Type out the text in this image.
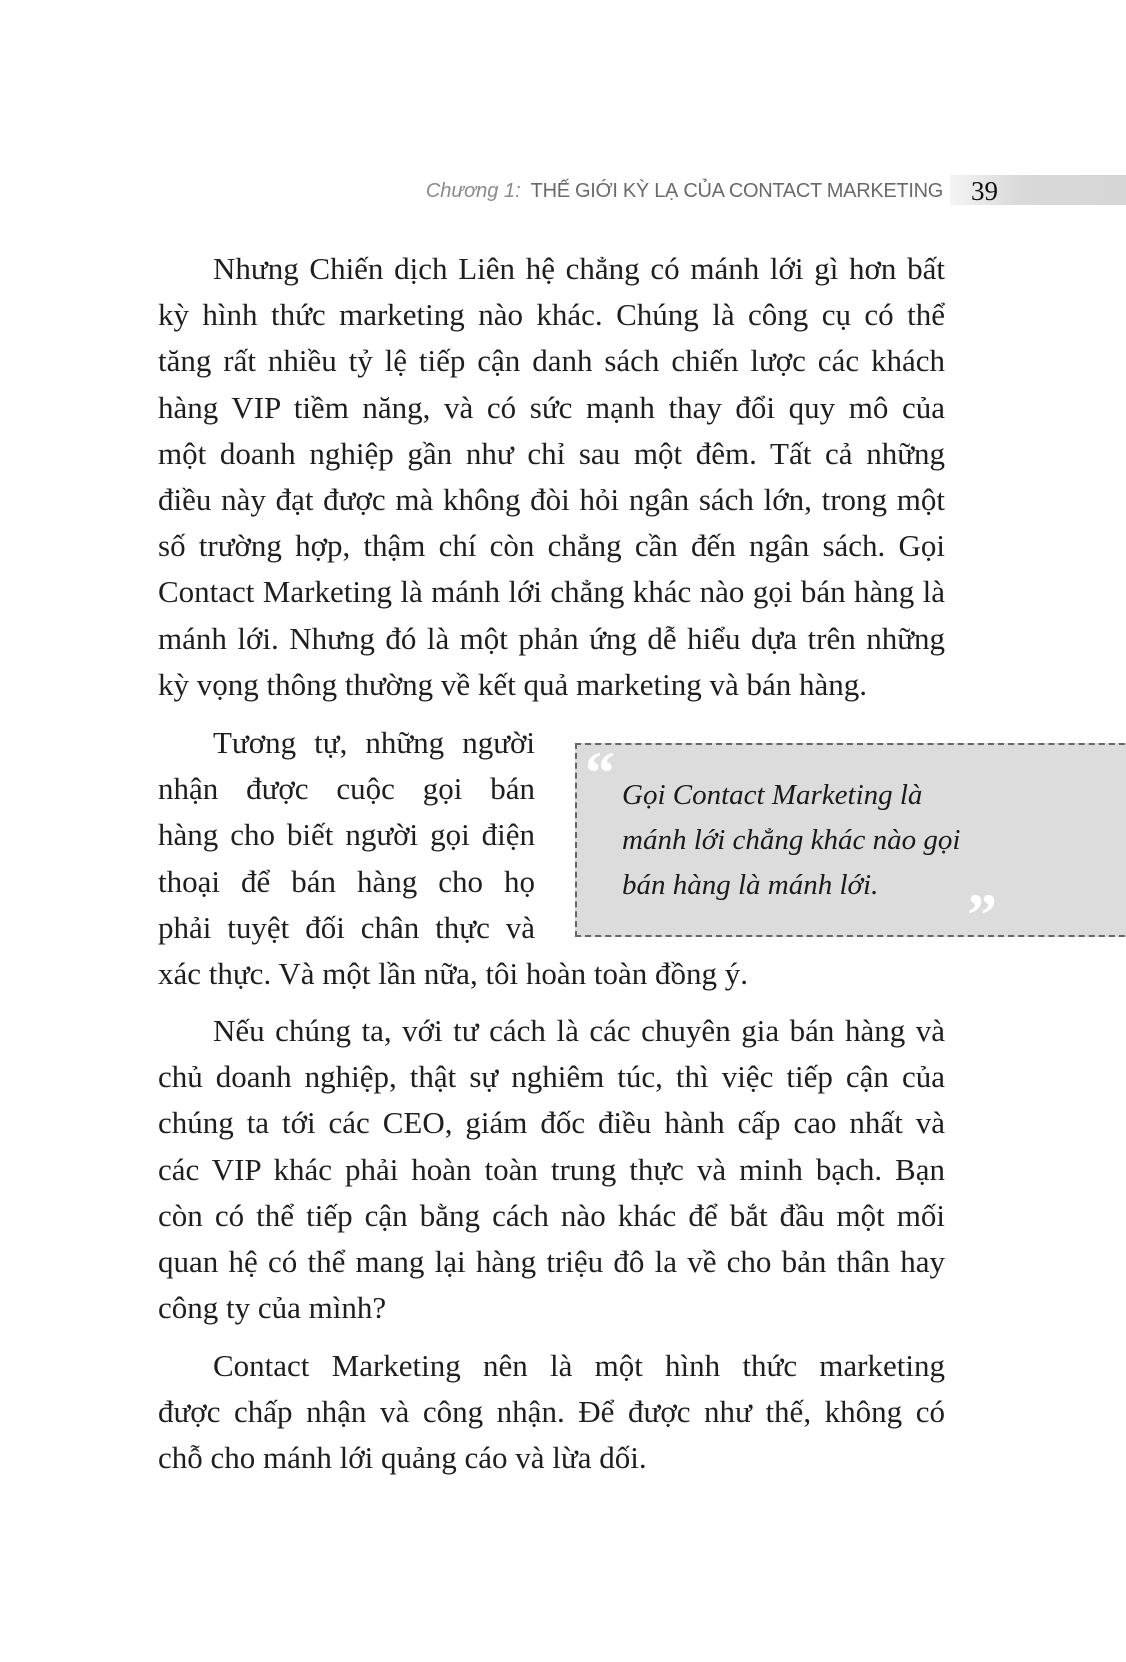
Chương 1: THẾ GIỚI KỲ LẠ CỦA CONTACT MARKETING 39
Nhưng Chiến dịch Liên hệ chẳng có mánh lới gì hơn bất
kỳ hình thức marketing nào khác. Chúng là công cụ có thể
tăng rất nhiều tỷ lệ tiếp cận danh sách chiến lược các khách
hàng VIP tiềm năng, và có sức mạnh thay đổi quy mô của
một doanh nghiệp gần như chỉ sau một đêm. Tất cả những
điều này đạt được mà không đòi hỏi ngân sách lớn, trong một
số trường hợp, thậm chí còn chẳng cần đến ngân sách. Gọi
Contact Marketing là mánh lới chẳng khác nào gọi bán hàng là
mánh lới. Nhưng đó là một phản ứng dễ hiểu dựa trên những
kỳ vọng thông thường về kết quả marketing và bán hàng.
Tương tự, những người
nhận được cuộc gọi bán
hàng cho biết người gọi điện
thoại để bán hàng cho họ
phải tuyệt đối chân thực và
xác thực. Và một lần nữa, tôi hoàn toàn đồng ý.
“ Gọi Contact Marketing là
mánh lới chẳng khác nào gọi
bán hàng là mánh lới.	”
Nếu chúng ta, với tư cách là các chuyên gia bán hàng và
chủ doanh nghiệp, thật sự nghiêm túc, thì việc tiếp cận của
chúng ta tới các CEO, giám đốc điều hành cấp cao nhất và
các VIP khác phải hoàn toàn trung thực và minh bạch. Bạn
còn có thể tiếp cận bằng cách nào khác để bắt đầu một mối
quan hệ có thể mang lại hàng triệu đô la về cho bản thân hay
công ty của mình?
Contact Marketing nên là một hình thức marketing
được chấp nhận và công nhận. Để được như thế, không có
chỗ cho mánh lới quảng cáo và lừa dối.
